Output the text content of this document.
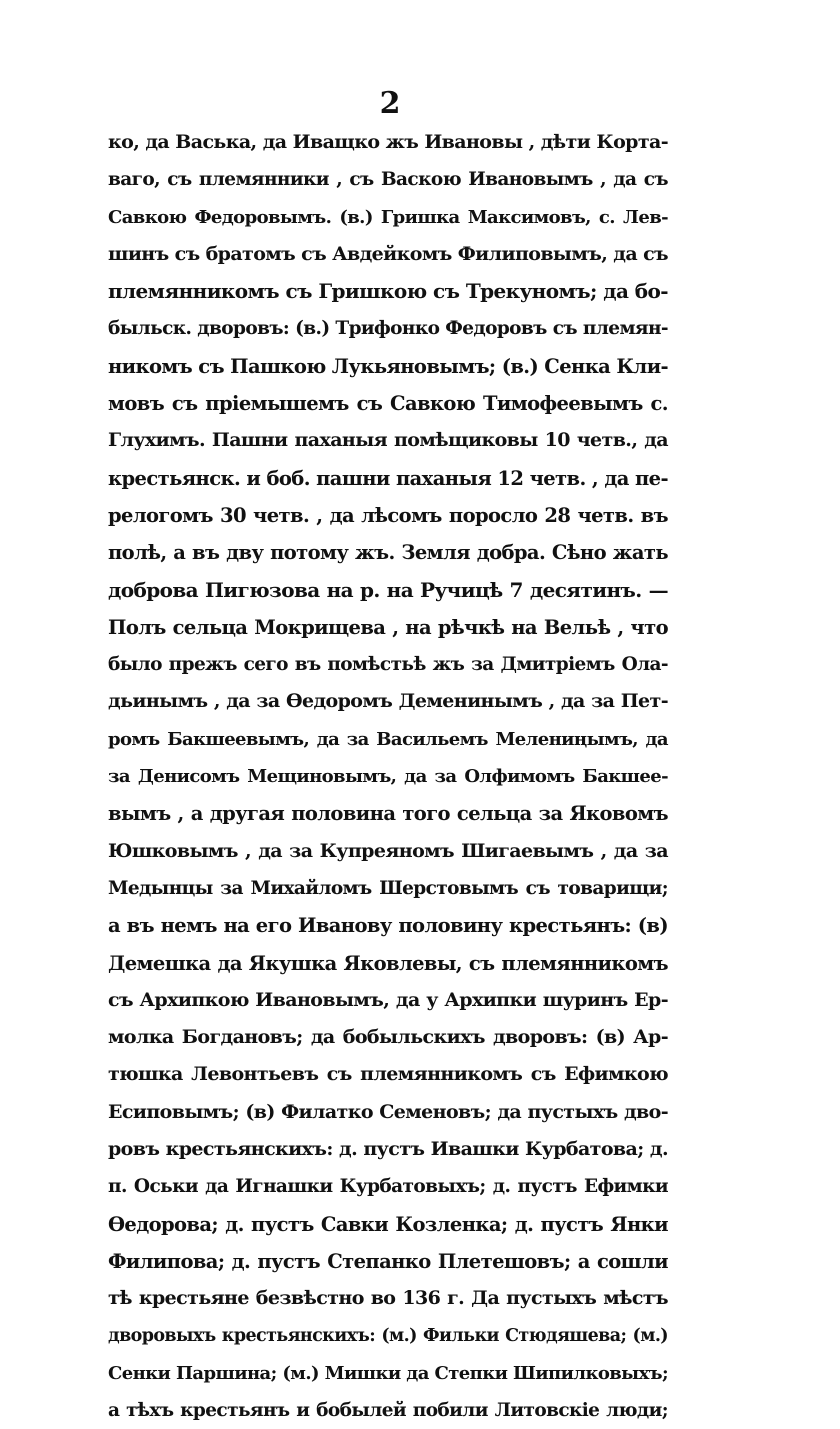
2
ко, да Васька, да Иващко жъ Ивановы , дѣти Корта-
ваго, съ племянники , съ Васкою Ивановымъ , да съ
Савкою Федоровымъ. (в.) Гришка Максимовъ, с. Лев-
шинъ съ братомъ съ Авдейкомъ Филиповымъ, да съ
племянникомъ съ Гришкою съ Трекуномъ; да бо-
быльск. дворовъ: (в.) Трифонко Федоровъ съ племян-
никомъ съ Пашкою Лукьяновымъ; (в.) Сенка Кли-
мовъ съ прiемышемъ съ Савкою Тимофеевымъ с.
Глухимъ. Пашни паханыя помѣщиковы 10 четв., да
крестьянск. и боб. пашни паханыя 12 четв. , да пе-
релогомъ 30 четв. , да лѣсомъ поросло 28 четв. въ
полѣ, а въ дву потому жъ. Земля добра. Сѣно жать
доброва Пигюзова на р. на Ручицѣ 7 десятинъ. —
Полъ сельца Мокрищева , на рѣчкѣ на Вельѣ , что
было прежъ сего въ помѣстьѣ жъ за Дмитрiемъ Ола-
дьинымъ , да за Ѳедоромъ Деменинымъ , да за Пет-
ромъ Бакшеевымъ, да за Васильемъ Мелениңымъ, да
за Денисомъ Мещиновымъ, да за Олфимомъ Бакшее-
вымъ , а другая половина того сельца за Яковомъ
Юшковымъ , да за Купреяномъ Шигаевымъ , да за
Медынцы за Михайломъ Шерстовымъ съ товарищи;
а въ немъ на его Иванову половину крестьянъ: (в)
Демешка да Якушка Яковлевы, съ племянникомъ
съ Архипкою Ивановымъ, да у Архипки шуринъ Ер-
молка Богдановъ; да бобыльскихъ дворовъ: (в) Ар-
тюшка Левонтьевъ съ племянникомъ съ Ефимкою
Есиповымъ; (в) Филатко Семеновъ; да пустыхъ дво-
ровъ крестьянскихъ: д. пустъ Ивашки Курбатова; д.
п. Оськи да Игнашки Курбатовыхъ; д. пустъ Ефимки
Ѳедорова; д. пустъ Савки Козленка; д. пустъ Янки
Филипова; д. пустъ Степанко Плетешовъ; а сошли
тѣ крестьяне безвѣстно во 136 г. Да пустыхъ мѣстъ
дворовыхъ крестьянскихъ: (м.) Фильки Стюдяшева; (м.)
Сенки Паршина; (м.) Мишки да Степки Шипилковыхъ;
а тѣхъ крестьянъ и бобылей побили Литовскiе люди;
